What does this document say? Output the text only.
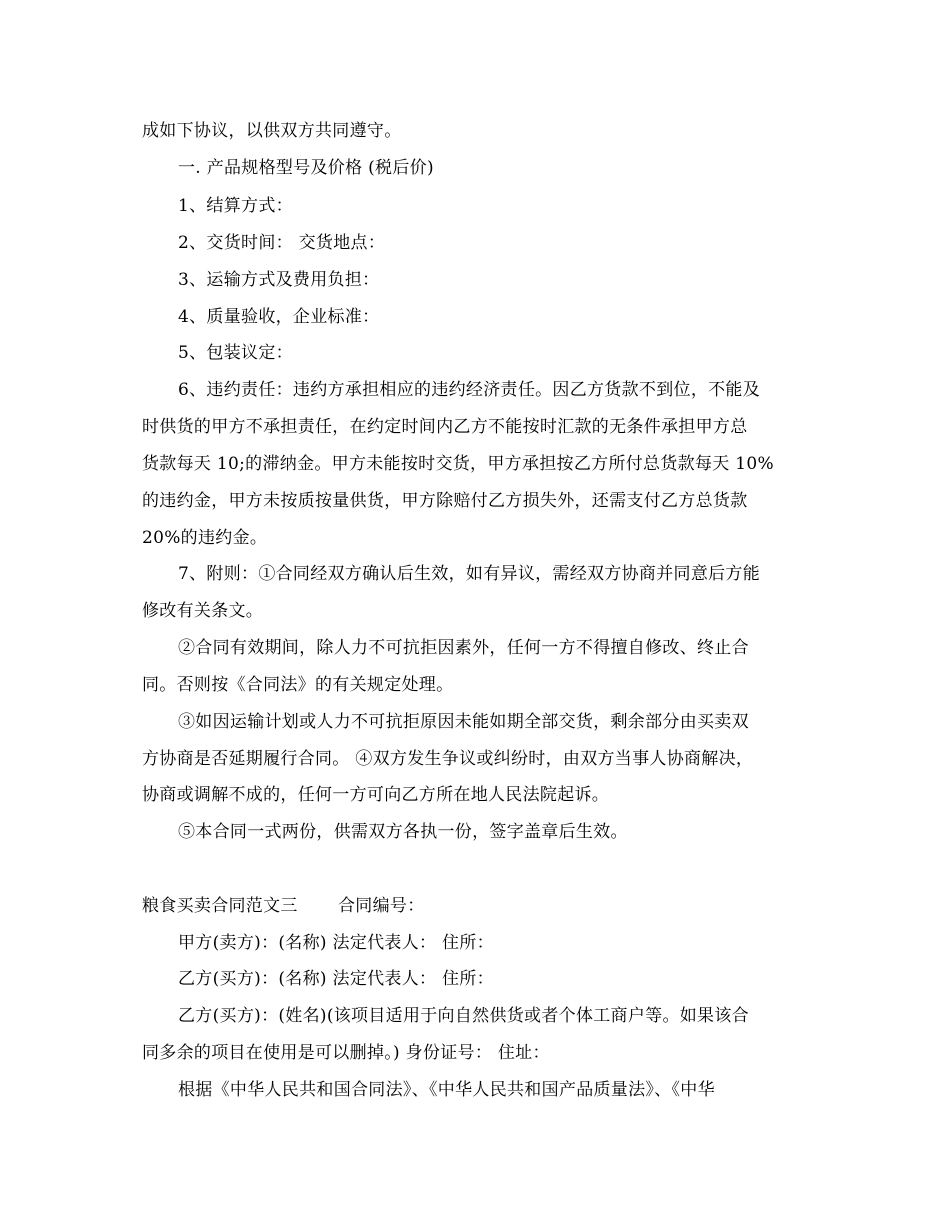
成如下协议，以供双方共同遵守。
一. 产品规格型号及价格 (税后价)
1、结算方式：
2、交货时间： 交货地点：
3、运输方式及费用负担：
4、质量验收，企业标准：
5、包装议定：
6、违约责任：违约方承担相应的违约经济责任。因乙方货款不到位，不能及
时供货的甲方不承担责任，在约定时间内乙方不能按时汇款的无条件承担甲方总
货款每天 10;的滞纳金。甲方未能按时交货，甲方承担按乙方所付总货款每天 10%
的违约金，甲方未按质按量供货，甲方除赔付乙方损失外，还需支付乙方总货款
20%的违约金。
7、附则：①合同经双方确认后生效，如有异议，需经双方协商并同意后方能
修改有关条文。
②合同有效期间，除人力不可抗拒因素外，任何一方不得擅自修改、终止合
同。否则按《合同法》的有关规定处理。
③如因运输计划或人力不可抗拒原因未能如期全部交货，剩余部分由买卖双
方协商是否延期履行合同。 ④双方发生争议或纠纷时，由双方当事人协商解决，
协商或调解不成的，任何一方可向乙方所在地人民法院起诉。
⑤本合同一式两份，供需双方各执一份，签字盖章后生效。
粮食买卖合同范文三　　 合同编号：
甲方(卖方)：(名称) 法定代表人： 住所：
乙方(买方)：(名称) 法定代表人： 住所：
乙方(买方)：(姓名)(该项目适用于向自然供货或者个体工商户等。如果该合
同多余的项目在使用是可以删掉。) 身份证号： 住址：
根据《中华人民共和国合同法》、《中华人民共和国产品质量法》、《中华
